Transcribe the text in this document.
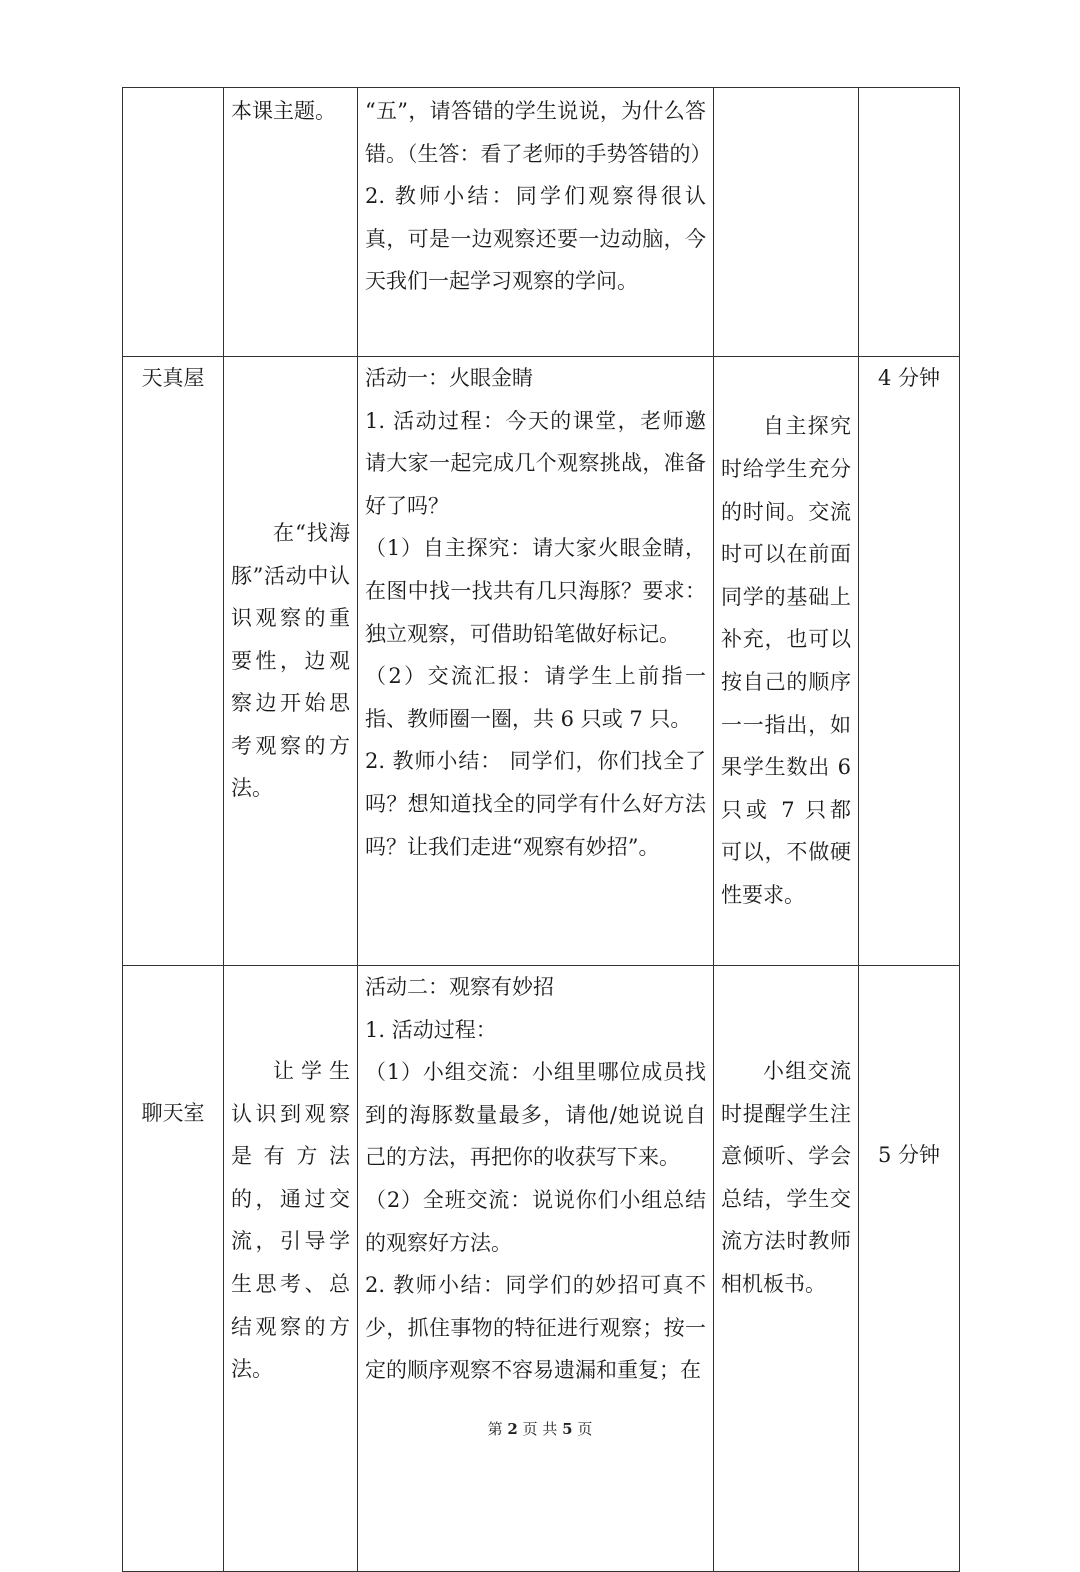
	本课主题。	“五”，请答错的学生说说，为什么答错。（生答：看了老师的手势答错的）

2. 教师小结：同学们观察得很认真，可是一边观察还要一边动脑，今天我们一起学习观察的学问。		

天真屋	在“找海豚”活动中认识观察的重要性，边观察边开始思考观察的方法。	活动一：火眼金睛

1. 活动过程：今天的课堂，老师邀请大家一起完成几个观察挑战，准备好了吗？

（1）自主探究：请大家火眼金睛，在图中找一找共有几只海豚？要求：独立观察，可借助铅笔做好标记。

（2）交流汇报：请学生上前指一指、教师圈一圈，共 6 只或 7 只。

2. 教师小结： 同学们，你们找全了吗？想知道找全的同学有什么好方法吗？让我们走进“观察有妙招”。	自主探究时给学生充分的时间。交流时可以在前面同学的基础上补充，也可以按自己的顺序一一指出，如果学生数出 6 只或 7 只都可以，不做硬性要求。	4 分钟
聊天室	让学生认识到观察是有方法的，通过交流，引导学生思考、总结观察的方法。	活动二：观察有妙招

1. 活动过程：

（1）小组交流：小组里哪位成员找到的海豚数量最多，请他/她说说自己的方法，再把你的收获写下来。

（2）全班交流：说说你们小组总结的观察好方法。

2. 教师小结：同学们的妙招可真不少，抓住事物的特征进行观察；按一定的顺序观察不容易遗漏和重复；在	小组交流时提醒学生注意倾听、学会总结，学生交流方法时教师相机板书。	5 分钟
第 2 页 共 5 页
